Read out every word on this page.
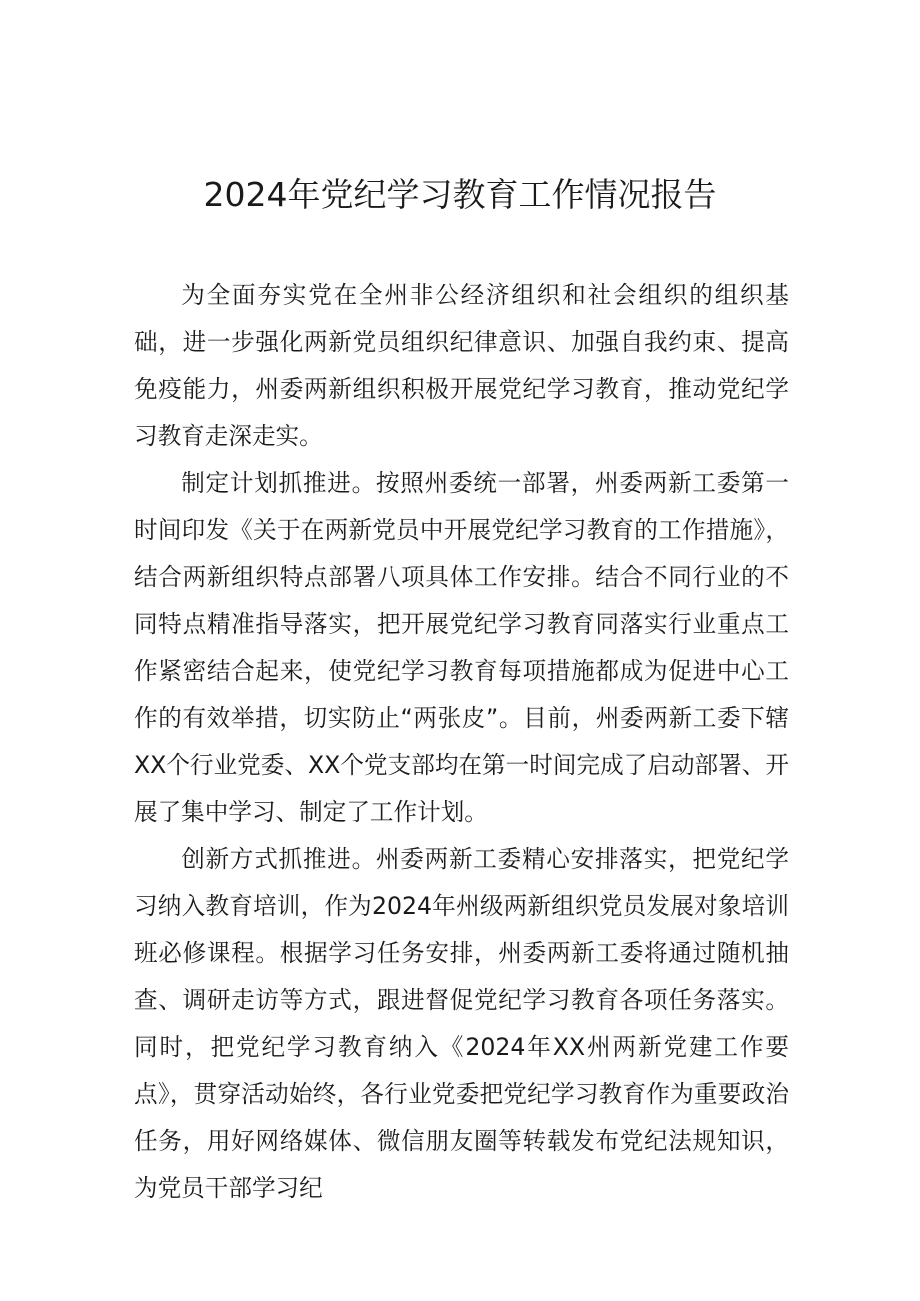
2024年党纪学习教育工作情况报告

为全面夯实党在全州非公经济组织和社会组织的组织基础，进一步强化两新党员组织纪律意识、加强自我约束、提高免疫能力，州委两新组织积极开展党纪学习教育，推动党纪学习教育走深走实。

制定计划抓推进。按照州委统一部署，州委两新工委第一时间印发《关于在两新党员中开展党纪学习教育的工作措施》，结合两新组织特点部署八项具体工作安排。结合不同行业的不同特点精准指导落实，把开展党纪学习教育同落实行业重点工作紧密结合起来，使党纪学习教育每项措施都成为促进中心工作的有效举措，切实防止“两张皮”。目前，州委两新工委下辖XX个行业党委、XX个党支部均在第一时间完成了启动部署、开展了集中学习、制定了工作计划。

创新方式抓推进。州委两新工委精心安排落实，把党纪学习纳入教育培训，作为2024年州级两新组织党员发展对象培训班必修课程。根据学习任务安排，州委两新工委将通过随机抽查、调研走访等方式，跟进督促党纪学习教育各项任务落实。同时，把党纪学习教育纳入《2024年XX州两新党建工作要点》，贯穿活动始终，各行业党委把党纪学习教育作为重要政治任务，用好网络媒体、微信朋友圈等转载发布党纪法规知识，为党员干部学习纪
